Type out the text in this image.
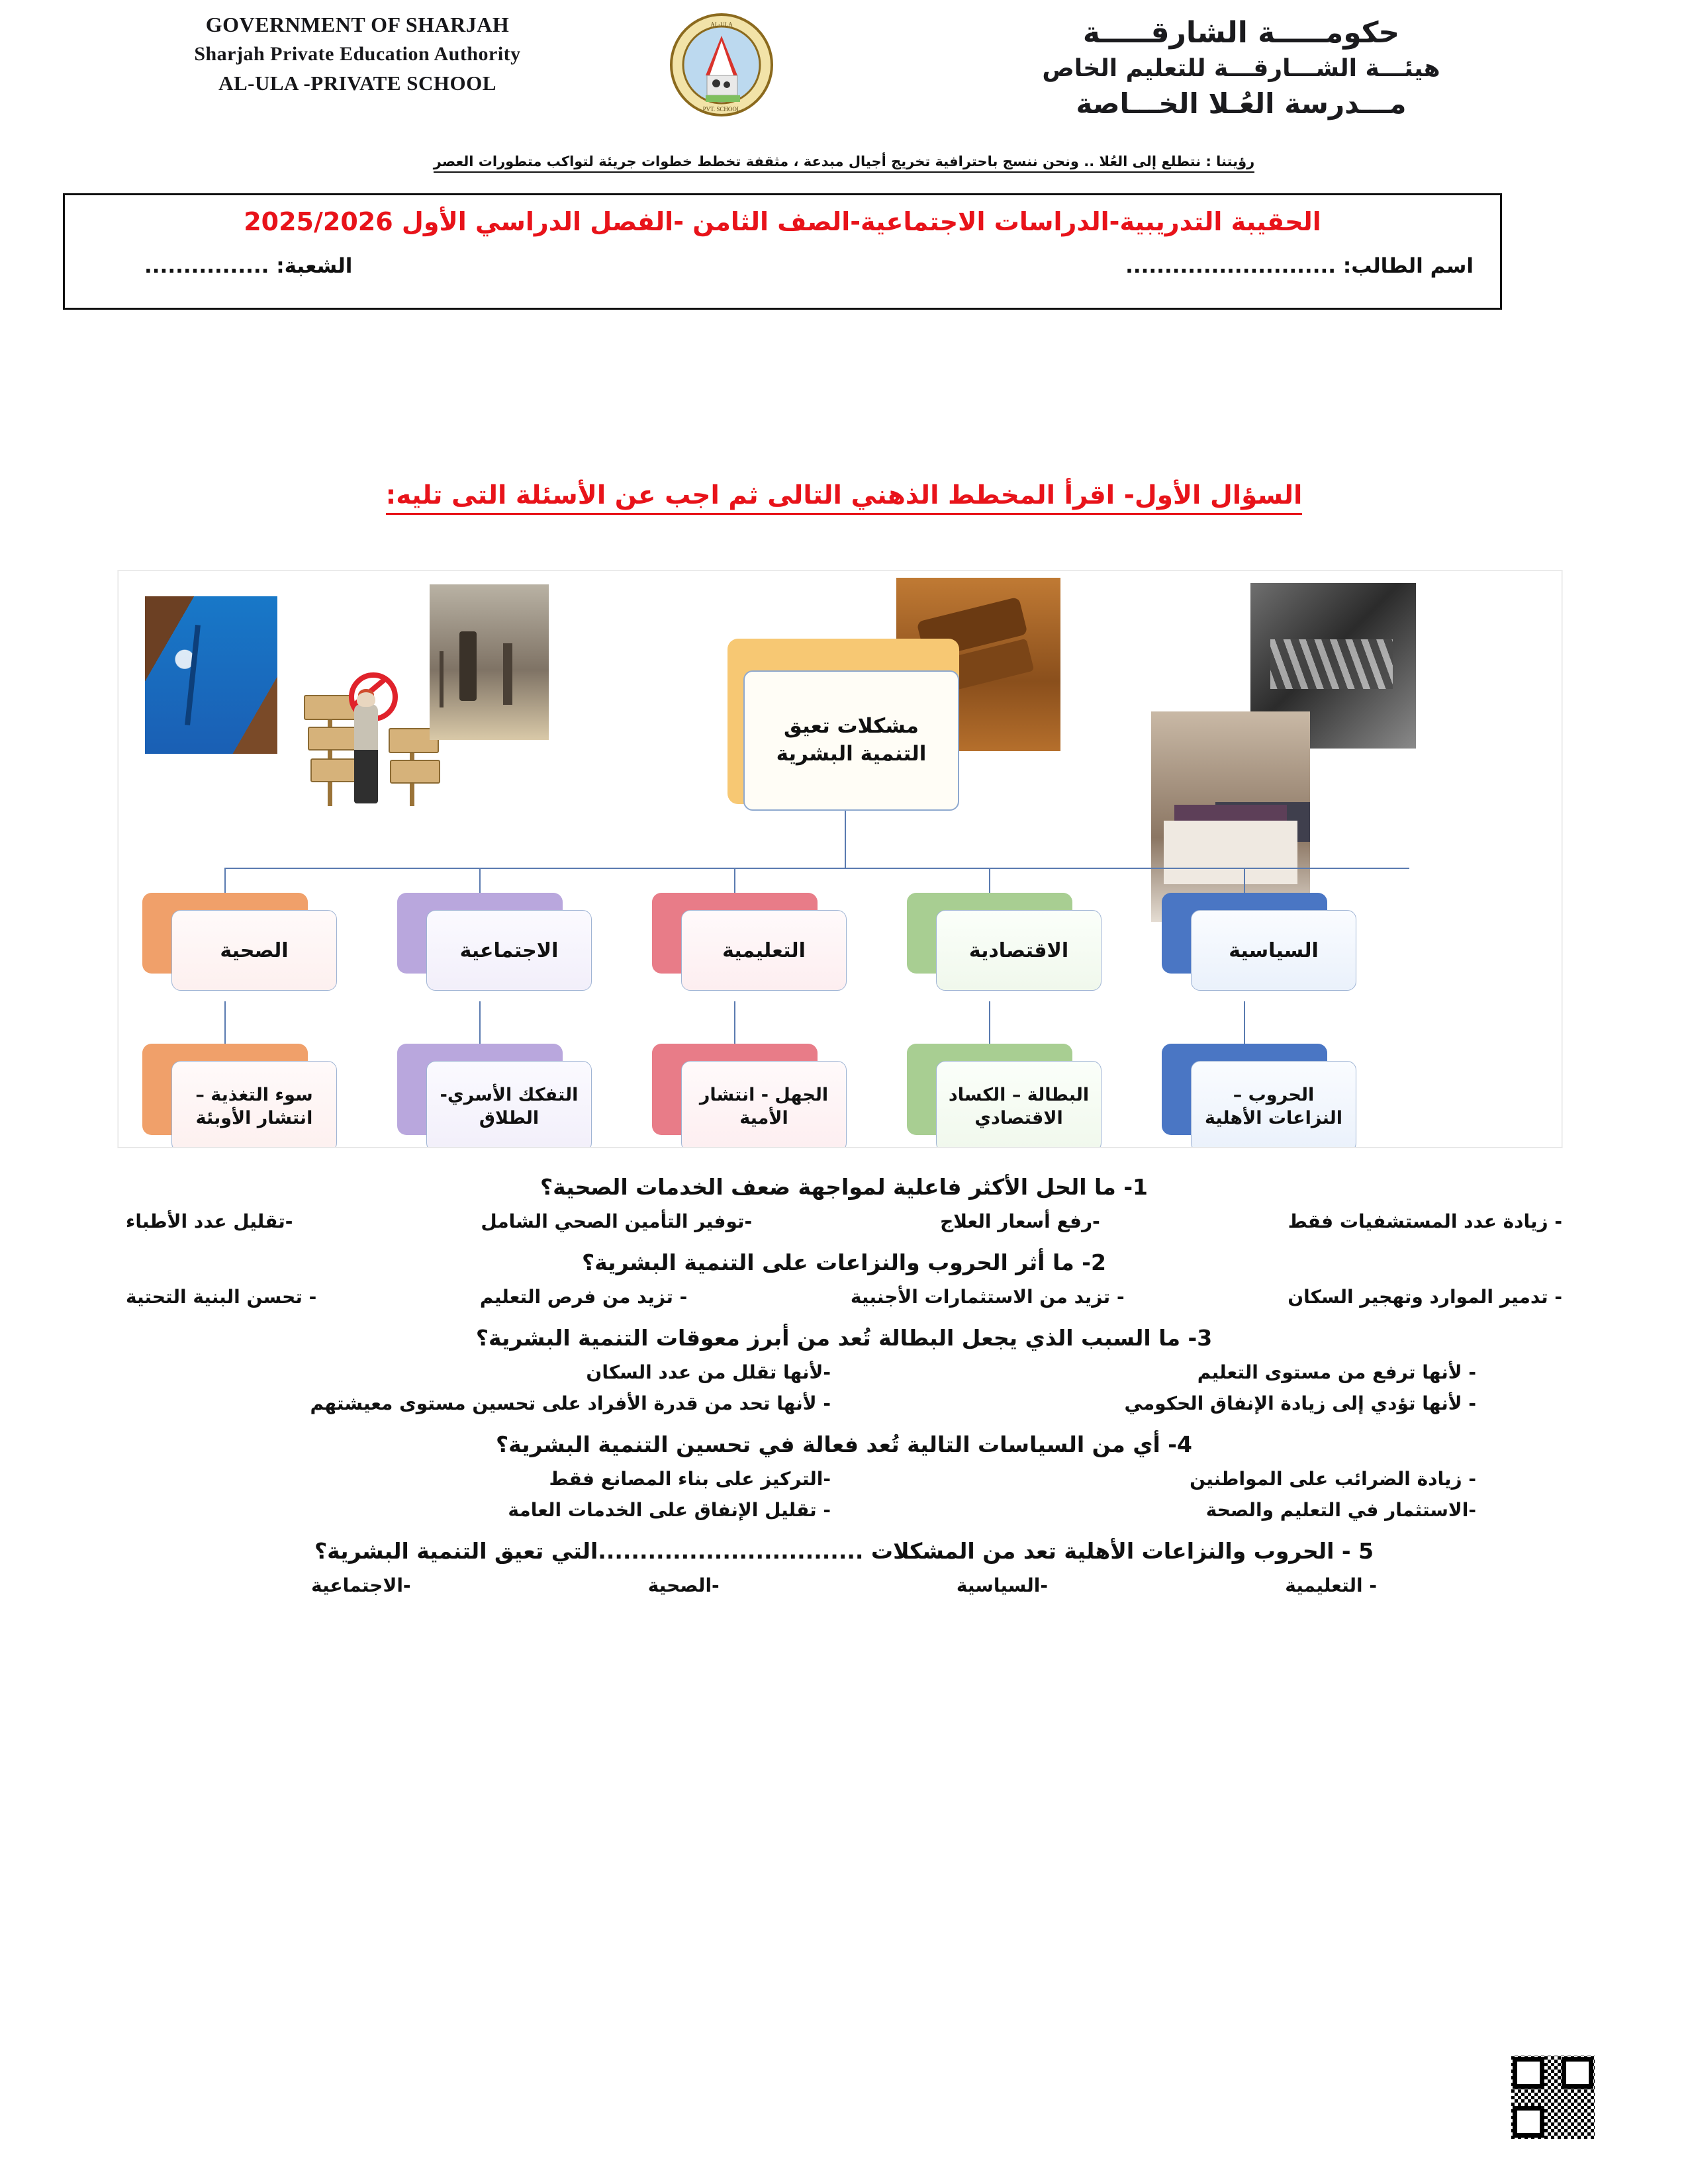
GOVERNMENT OF SHARJAH
Sharjah Private Education Authority
AL-ULA -PRIVATE SCHOOL
AL-ULA
PVT. SCHOOL
حكومـــــة الشارقـــــة
هيئـــة الشـــارقـــة للتعليم الخاص
مـــدرسة العُـلا الخـــاصة
رؤيتنا : نتطلع إلى العُلا .. ونحن ننسج باحترافية تخريج أجيال مبدعة ، مثقفة تخطط خطوات جريئة لتواكب متطورات العصر
الحقيبة التدريبية-الدراسات الاجتماعية-الصف الثامن -الفصل الدراسي الأول 2025/2026
اسم الطالب: ...........................
الشعبة: ................
السؤال الأول- اقرأ المخطط الذهني التالى ثم اجب عن الأسئلة التى تليه:
مشكلات تعيق التنمية البشرية
الصحية	الاجتماعية	التعليمية	الاقتصادية	السياسية
سوء التغذية – انتشار الأوبئة
التفكك الأسري- الطلاق
الجهل - انتشار الأمية
البطالة – الكساد الاقتصادي
الحروب – النزاعات الأهلية
1- ما الحل الأكثر فاعلية لمواجهة ضعف الخدمات الصحية؟
- زيادة عدد المستشفيات فقط
-رفع أسعار العلاج
-توفير التأمين الصحي الشامل
-تقليل عدد الأطباء
2- ما أثر الحروب والنزاعات على التنمية البشرية؟
- تدمير الموارد وتهجير السكان
- تزيد من الاستثمارات الأجنبية
- تزيد من فرص التعليم
- تحسن البنية التحتية
3- ما السبب الذي يجعل البطالة تُعد من أبرز معوقات التنمية البشرية؟
- لأنها ترفع من مستوى التعليم
-لأنها تقلل من عدد السكان
- لأنها تؤدي إلى زيادة الإنفاق الحكومي
- لأنها تحد من قدرة الأفراد على تحسين مستوى معيشتهم
4- أي من السياسات التالية تُعد فعالة في تحسين التنمية البشرية؟
- زيادة الضرائب على المواطنين
-التركيز على بناء المصانع فقط
-الاستثمار في التعليم والصحة
- تقليل الإنفاق على الخدمات العامة
5 - الحروب والنزاعات الأهلية تعد من المشكلات ................................التي تعيق التنمية البشرية؟
- التعليمية
-السياسية
-الصحية
-الاجتماعية
